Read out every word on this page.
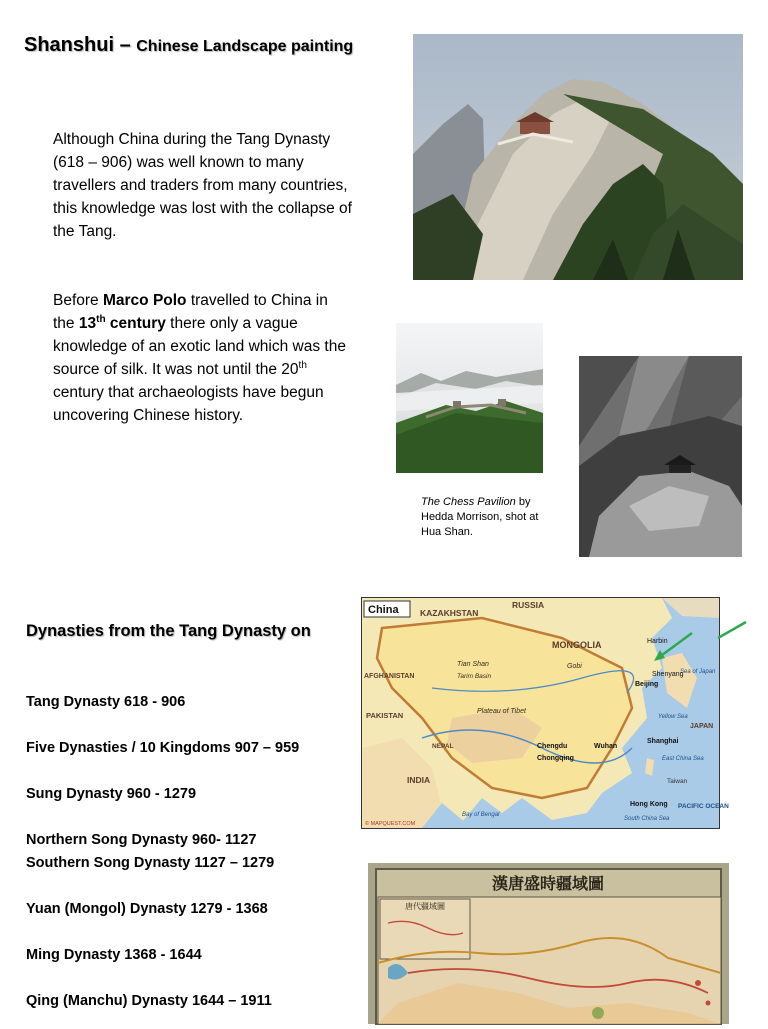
Shanshui – Chinese Landscape painting
Although China during the Tang Dynasty (618 – 906) was well known to many travellers and traders from many countries, this knowledge was lost with the collapse of the Tang.
Before Marco Polo travelled to China in the 13th century there only a vague knowledge of an exotic land which was the source of silk. It was not until the 20th century that archaeologists have begun uncovering Chinese history.
The Chess Pavilion by Hedda Morrison, shot at Hua Shan.
Dynasties from the Tang Dynasty on
Tang Dynasty 618 - 906
Five Dynasties / 10 Kingdoms 907 – 959
Sung Dynasty 960 - 1279
Northern Song Dynasty 960- 1127
Southern Song Dynasty 1127 – 1279
Yuan (Mongol) Dynasty 1279 - 1368
Ming Dynasty 1368 - 1644
Qing (Manchu) Dynasty 1644 – 1911
China	KAZAKHSTAN
RUSSIA
MONGOLIA
AFGHANISTAN
PAKISTAN
INDIA
NEPAL
JAPAN
Tian Shan
Tarim Basin
Gobi
Plateau of Tibet
Beijing
Harbin
Shenyang
Shanghai
Wuhan
Chengdu
Chongqing
Hong Kong
Taiwan
Sea of Japan
Yellow Sea
East China Sea
South China Sea
Bay of Bengal
PACIFIC OCEAN
© MAPQUEST.COM
漢唐盛時疆域圖
唐代疆域圖
